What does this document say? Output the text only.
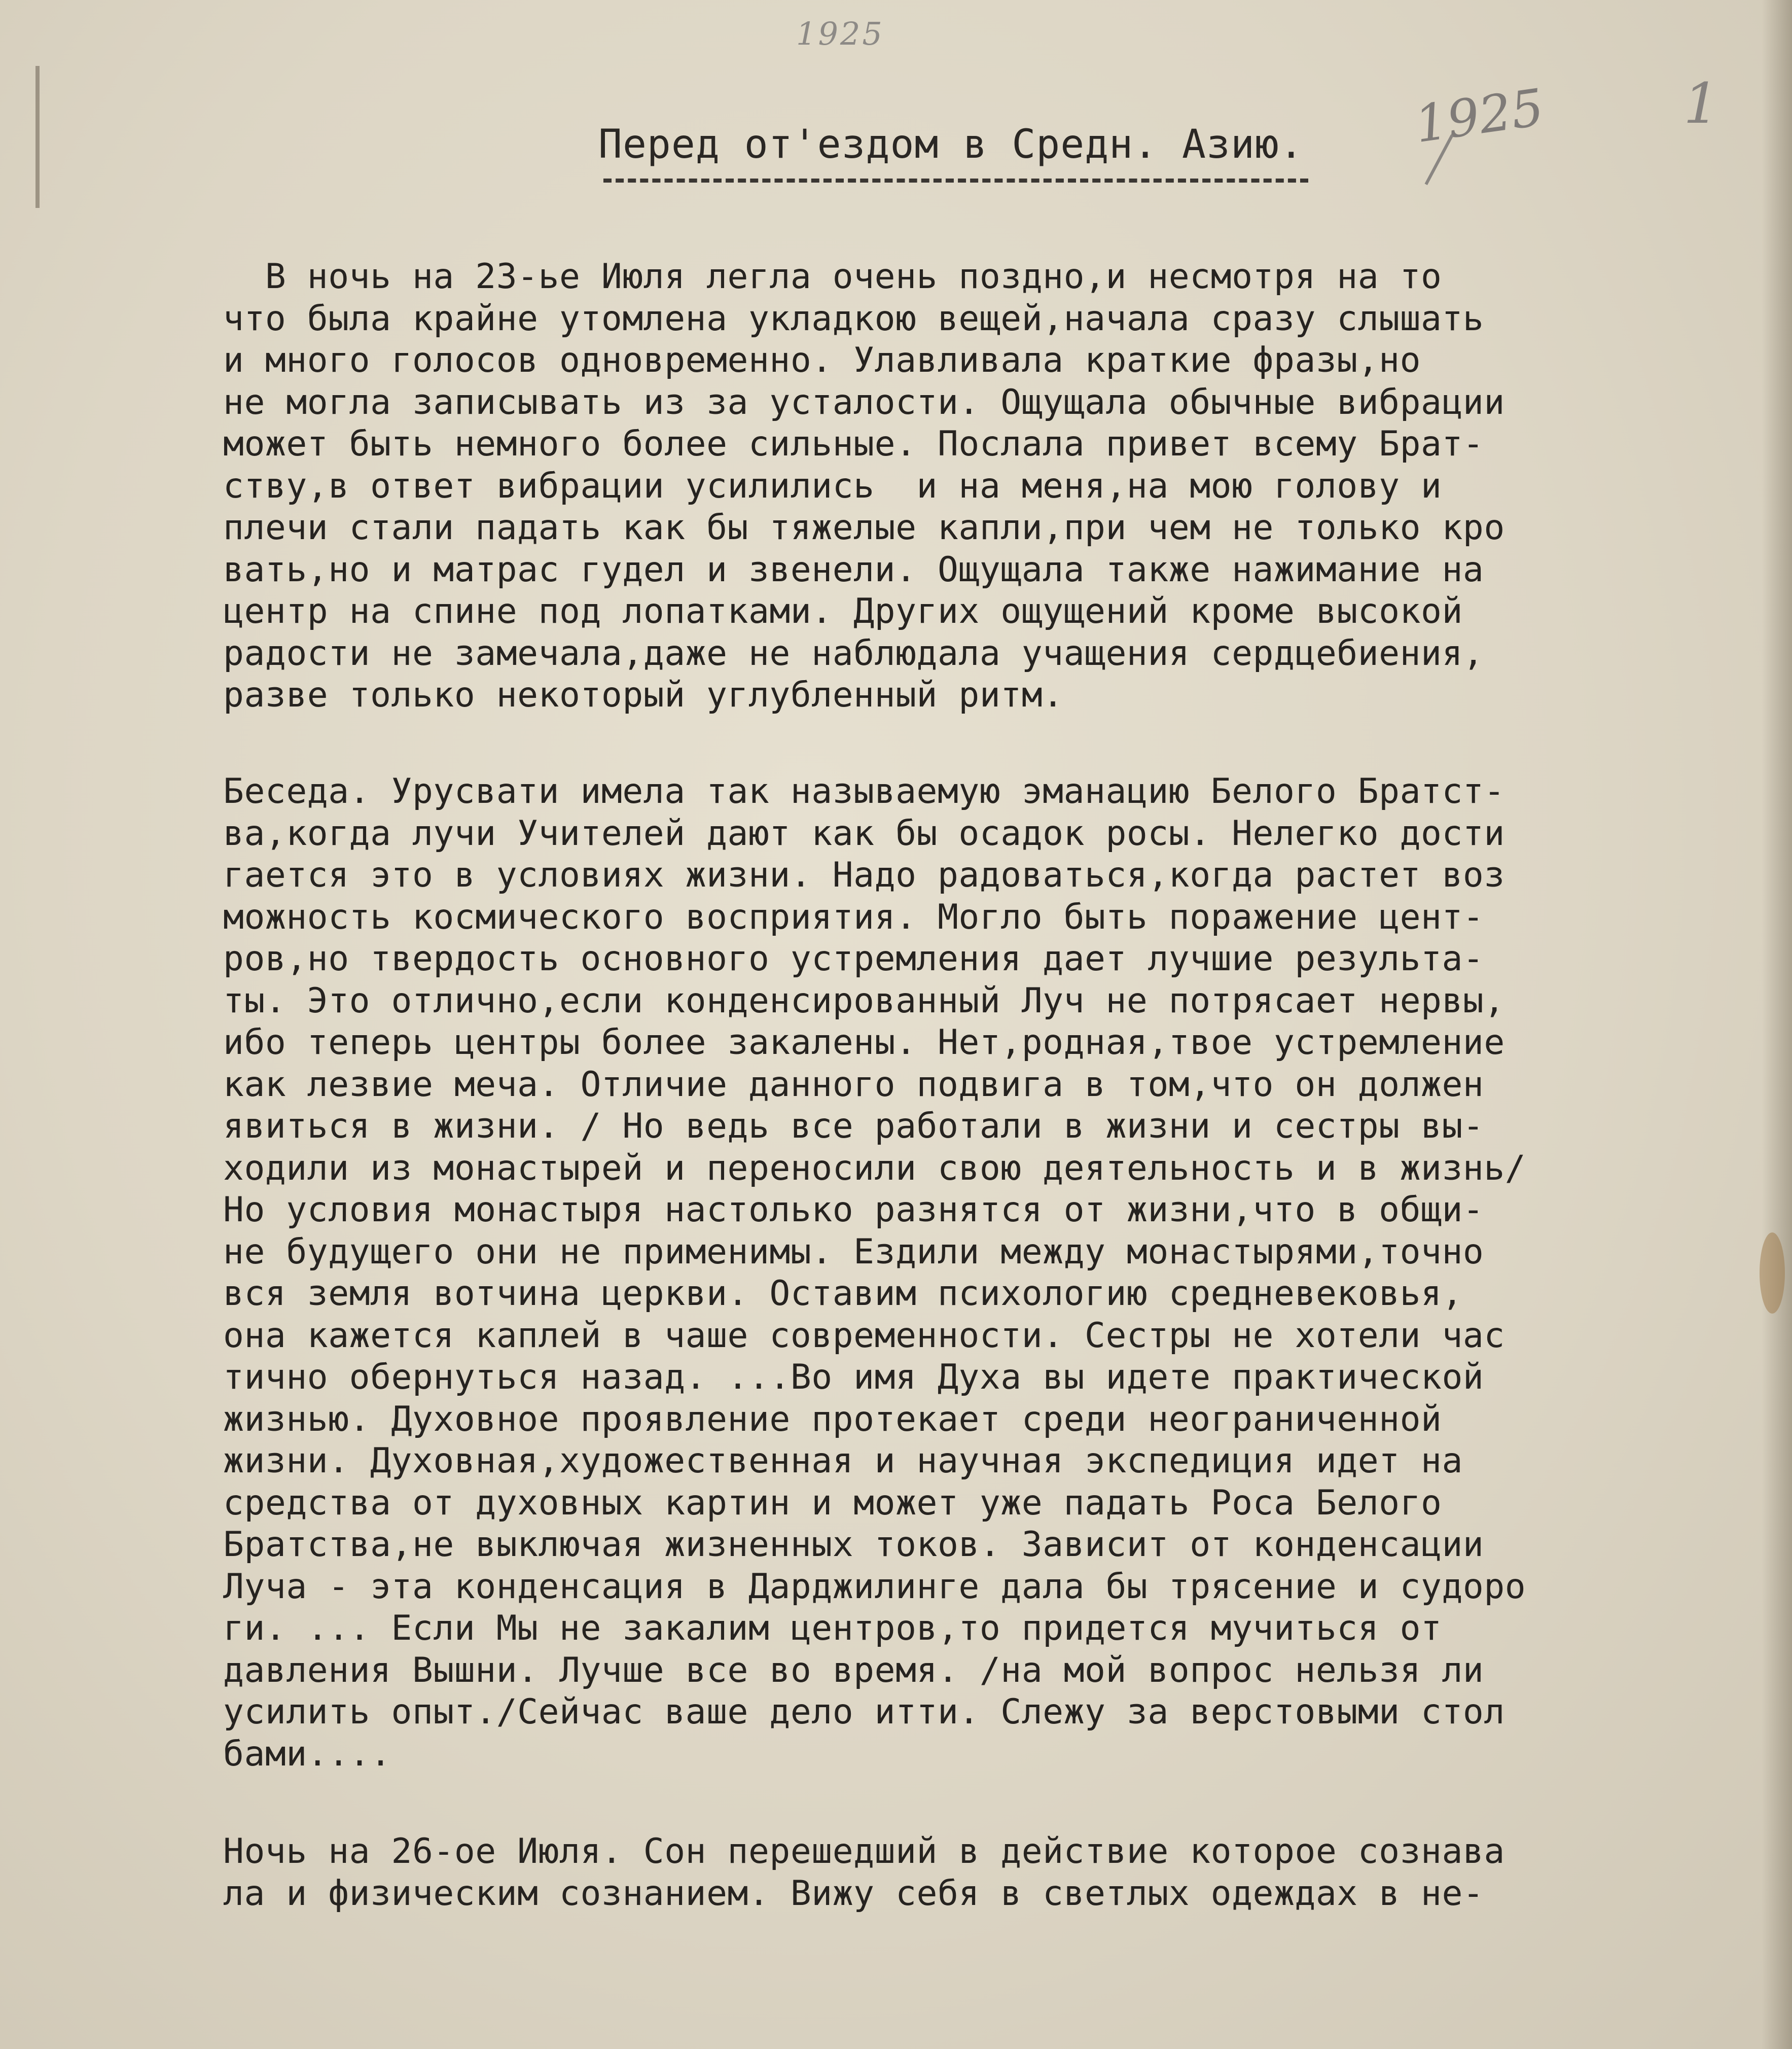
1925
1925 1
Перед от'ездом в Средн. Азию.

В ночь на 23-ье Июля легла очень поздно,и несмотря на то
что была крайне утомлена укладкою вещей,начала сразу слышать
и много голосов одновременно. Улавливала краткие фразы,но
не могла записывать из за усталости. Ощущала обычные вибрации
может быть немного более сильные. Послала привет всему Брат-
ству,в ответ вибрации усилились  и на меня,на мою голову и
плечи стали падать как бы тяжелые капли,при чем не только кро
вать,но и матрас гудел и звенели. Ощущала также нажимание на
центр на спине под лопатками. Других ощущений кроме высокой
радости не замечала,даже не наблюдала учащения сердцебиения,
разве только некоторый углубленный ритм.

Беседа. Урусвати имела так называемую эманацию Белого Братст-
ва,когда лучи Учителей дают как бы осадок росы. Нелегко дости
гается это в условиях жизни. Надо радоваться,когда растет воз
можность космического восприятия. Могло быть поражение цент-
ров,но твердость основного устремления дает лучшие результа-
ты. Это отлично,если конденсированный Луч не потрясает нервы,
ибо теперь центры более закалены. Нет,родная,твое устремление
как лезвие меча. Отличие данного подвига в том,что он должен
явиться в жизни. / Но ведь все работали в жизни и сестры вы-
ходили из монастырей и переносили свою деятельность и в жизнь/
Но условия монастыря настолько разнятся от жизни,что в общи-
не будущего они не применимы. Ездили между монастырями,точно
вся земля вотчина церкви. Оставим психологию средневековья,
она кажется каплей в чаше современности. Сестры не хотели час
тично обернуться назад. ...Во имя Духа вы идете практической
жизнью. Духовное проявление протекает среди неограниченной
жизни. Духовная,художественная и научная экспедиция идет на
средства от духовных картин и может уже падать Роса Белого
Братства,не выключая жизненных токов. Зависит от конденсации
Луча - эта конденсация в Дарджилинге дала бы трясение и судоро
ги. ... Если Мы не закалим центров,то придется мучиться от
давления Вышни. Лучше все во время. /на мой вопрос нельзя ли
усилить опыт./Сейчас ваше дело итти. Слежу за верстовыми стол
бами....

Ночь на 26-ое Июля. Сон перешедший в действие которое сознава
ла и физическим сознанием. Вижу себя в светлых одеждах в не-
